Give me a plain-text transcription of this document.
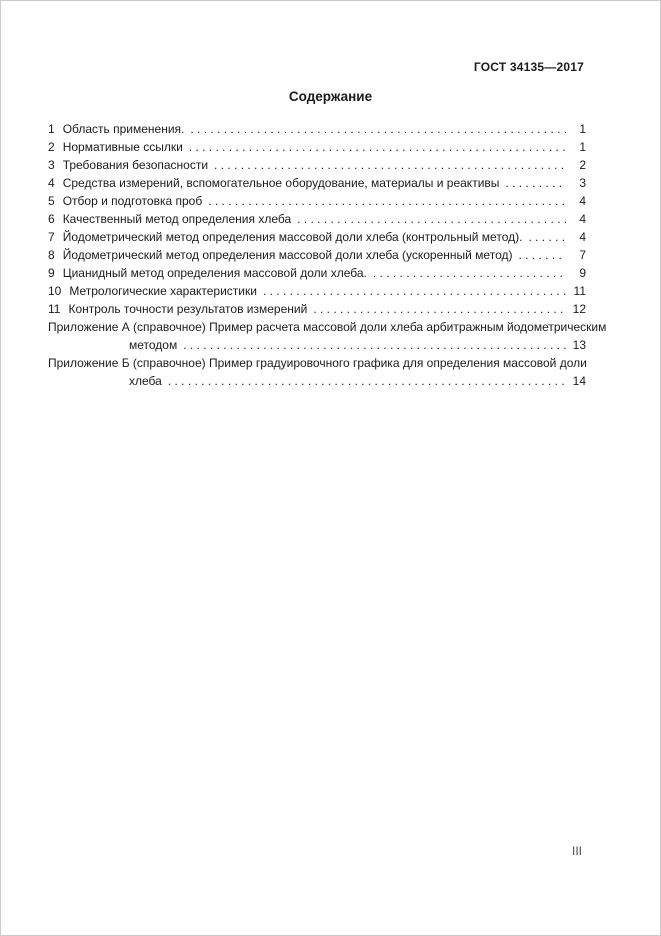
ГОСТ 34135—2017
Содержание
1 Область применения. . . .	1
2 Нормативные ссылки . . .	1
3 Требования безопасности . . .	2
4 Средства измерений, вспомогательное оборудование, материалы и реактивы . . .	3
5 Отбор и подготовка проб . . .	4
6 Качественный метод определения хлеба . . .	4
7 Йодометрический метод определения массовой доли хлеба (контрольный метод). . . .	4
8 Йодометрический метод определения массовой доли хлеба (ускоренный метод) . . .	7
9 Цианидный метод определения массовой доли хлеба. . . .	9
10 Метрологические характеристики . . .	11
11 Контроль точности результатов измерений . . .	12
Приложение А (справочное) Пример расчета массовой доли хлеба арбитражным йодометрическим
методом . . .	13
Приложение Б (справочное) Пример градуировочного графика для определения массовой доли
хлеба . . .	14
III
